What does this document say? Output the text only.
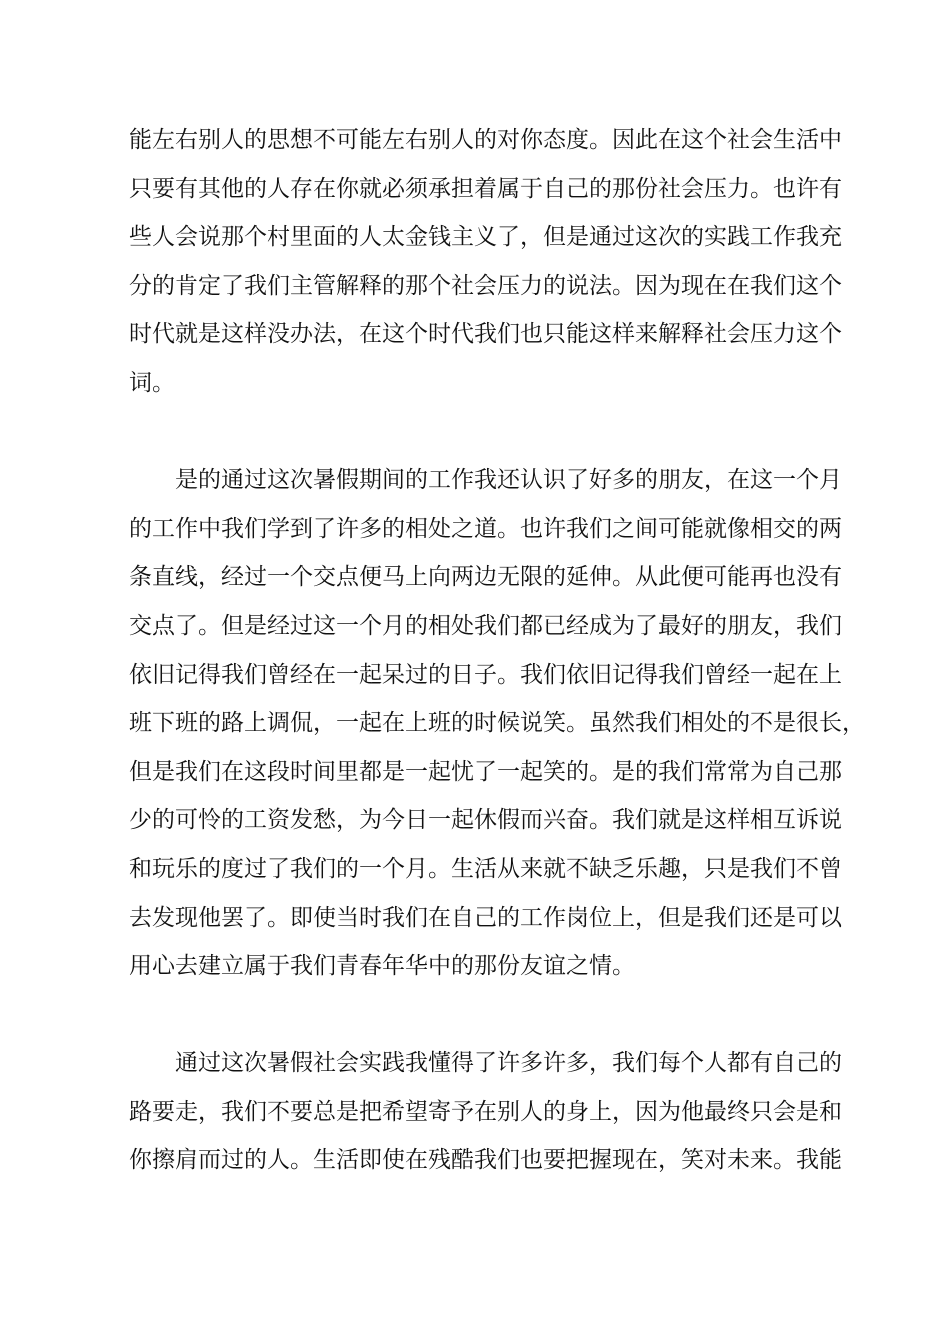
能左右别人的思想不可能左右别人的对你态度。因此在这个社会生活中
只要有其他的人存在你就必须承担着属于自己的那份社会压力。也许有
些人会说那个村里面的人太金钱主义了，但是通过这次的实践工作我充
分的肯定了我们主管解释的那个社会压力的说法。因为现在在我们这个
时代就是这样没办法，在这个时代我们也只能这样来解释社会压力这个
词。
是的通过这次暑假期间的工作我还认识了好多的朋友，在这一个月
的工作中我们学到了许多的相处之道。也许我们之间可能就像相交的两
条直线，经过一个交点便马上向两边无限的延伸。从此便可能再也没有
交点了。但是经过这一个月的相处我们都已经成为了最好的朋友，我们
依旧记得我们曾经在一起呆过的日子。我们依旧记得我们曾经一起在上
班下班的路上调侃，一起在上班的时候说笑。虽然我们相处的不是很长，
但是我们在这段时间里都是一起忧了一起笑的。是的我们常常为自己那
少的可怜的工资发愁，为今日一起休假而兴奋。我们就是这样相互诉说
和玩乐的度过了我们的一个月。生活从来就不缺乏乐趣，只是我们不曾
去发现他罢了。即使当时我们在自己的工作岗位上，但是我们还是可以
用心去建立属于我们青春年华中的那份友谊之情。
通过这次暑假社会实践我懂得了许多许多，我们每个人都有自己的
路要走，我们不要总是把希望寄予在别人的身上，因为他最终只会是和
你擦肩而过的人。生活即使在残酷我们也要把握现在，笑对未来。我能
